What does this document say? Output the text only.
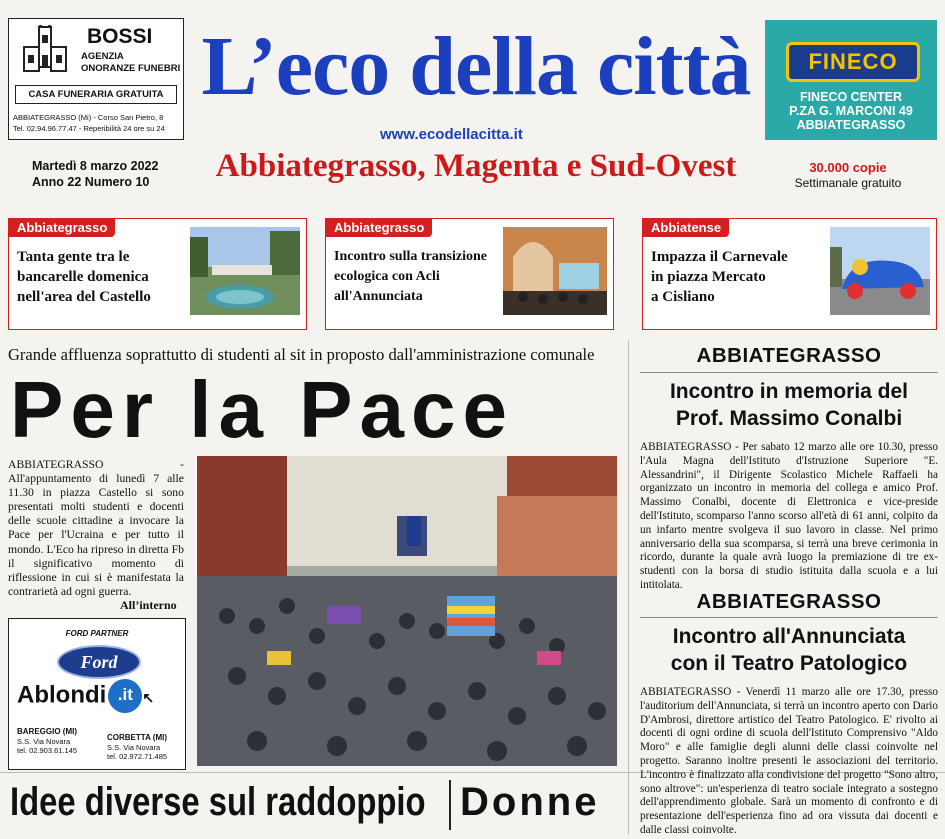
BOSSI
AGENZIA
ONORANZE FUNEBRI
CASA FUNERARIA GRATUITA
ABBIATEGRASSO (Mi) - Corso San Pietro, 8
Tel. 02.94.96.77.47 - Reperibilità 24 ore su 24
L’eco della città
www.ecodellacitta.it
Abbiategrasso, Magenta e Sud-Ovest
Martedì 8 marzo 2022
Anno 22 Numero 10
FINECO
FINECO CENTER
P.ZA G. MARCONI 49
ABBIATEGRASSO
30.000 copie
Settimanale gratuito
Abbiategrasso
Tanta gente tra le
bancarelle domenica
nell'area del Castello
Abbiategrasso
Incontro sulla transizione
ecologica con Acli
all'Annunciata
Abbiatense
Impazza il Carnevale
in piazza Mercato
a Cisliano
Grande affluenza soprattutto di studenti al sit in proposto dall'amministrazione comunale
Per la Pace
ABBIATEGRASSO - All'appuntamento di lunedì 7 alle 11.30 in piazza Castello si sono presentati molti studenti e docenti delle scuole cittadine a invocare la Pace per l'Ucraina e per tutto il mondo. L'Eco ha ripreso in diretta Fb il significativo momento di riflessione in cui si è manifestata la contrarietà ad ogni guerra.
All’interno
FORD PARTNER
Ford
Ablondi .it ↖
BAREGGIO (MI)
S.S. Via Novara
tel. 02.903.61.145
CORBETTA (MI)
S.S. Via Novara
tel. 02.972.71.485
Idee diverse sul raddoppio Donne
ABBIATEGRASSO
Incontro in memoria del
Prof. Massimo Conalbi
ABBIATEGRASSO - Per sabato 12 marzo alle ore 10.30, presso l'Aula Magna dell'Istituto d'Istruzione Superiore "E. Alessandrini", il Dirigente Scolastico Michele Raffaeli ha organizzato un incontro in memoria del collega e amico Prof. Massimo Conalbi, docente di Elettronica e vice-preside dell'Istituto, scomparso l'anno scorso all'età di 61 anni, colpito da un infarto mentre svolgeva il suo lavoro in classe. Nel primo anniversario della sua scomparsa, si terrà una breve cerimonia in ricordo, durante la quale avrà luogo la premiazione di tre ex-studenti con la borsa di studio istituita dalla scuola e a lui intitolata.
ABBIATEGRASSO
Incontro all'Annunciata
con il Teatro Patologico
ABBIATEGRASSO - Venerdì 11 marzo alle ore 17.30, presso l'auditorium dell'Annunciata, si terrà un incontro aperto con Dario D'Ambrosi, direttore artistico del Teatro Patologico. E' rivolto ai docenti di ogni ordine di scuola dell'Istituto Comprensivo "Aldo Moro" e alle famiglie degli alunni delle classi coinvolte nel progetto. Saranno inoltre presenti le associazioni del territorio. L'incontro è finalizzato alla condivisione del progetto "Sono altro, sono altrove": un'esperienza di teatro sociale integrato a sostegno dell'apprendimento globale. Sarà un momento di confronto e di presentazione dell'esperienza fino ad ora vissuta dai docenti e dalle classi coinvolte.
